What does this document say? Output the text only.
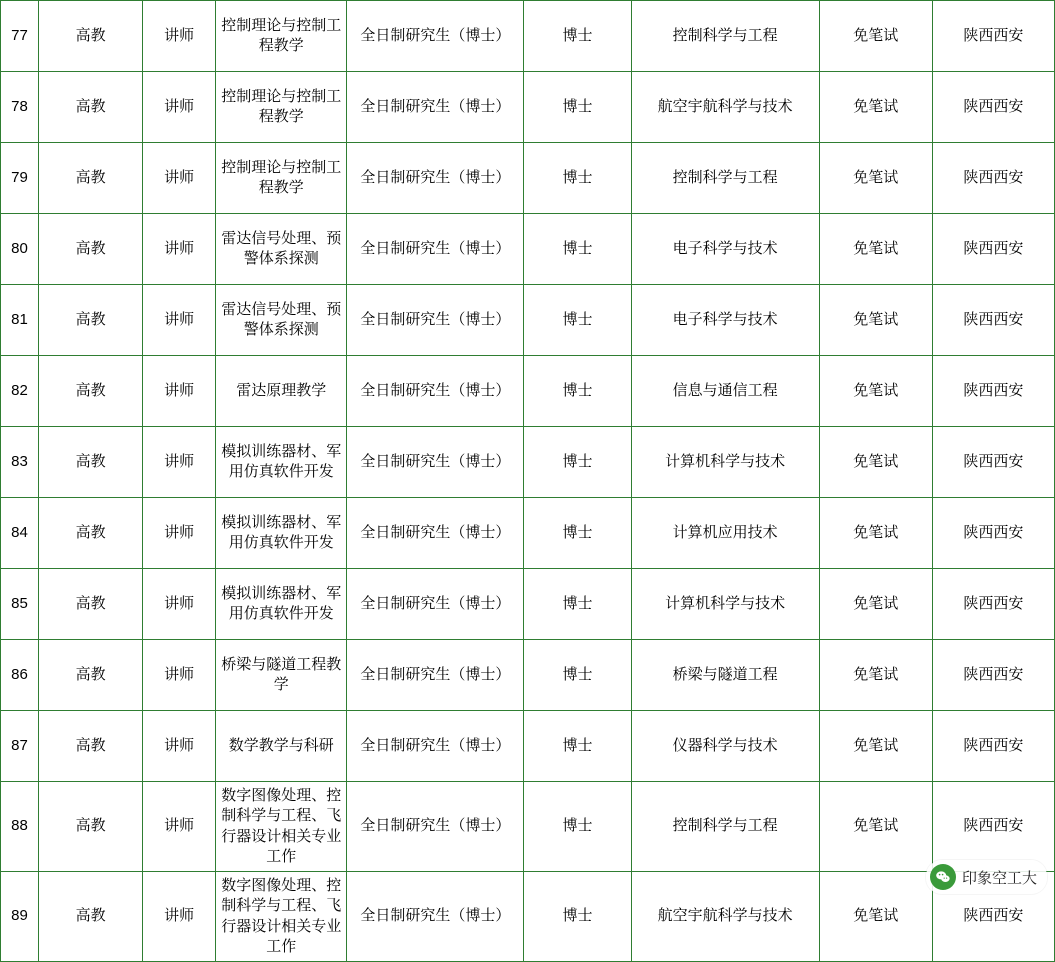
77	高教	讲师	控制理论与控制工程教学	全日制研究生（博士）	博士	控制科学与工程	免笔试	陕西西安
78	高教	讲师	控制理论与控制工程教学	全日制研究生（博士）	博士	航空宇航科学与技术	免笔试	陕西西安
79	高教	讲师	控制理论与控制工程教学	全日制研究生（博士）	博士	控制科学与工程	免笔试	陕西西安
80	高教	讲师	雷达信号处理、预警体系探测	全日制研究生（博士）	博士	电子科学与技术	免笔试	陕西西安
81	高教	讲师	雷达信号处理、预警体系探测	全日制研究生（博士）	博士	电子科学与技术	免笔试	陕西西安
82	高教	讲师	雷达原理教学	全日制研究生（博士）	博士	信息与通信工程	免笔试	陕西西安
83	高教	讲师	模拟训练器材、军用仿真软件开发	全日制研究生（博士）	博士	计算机科学与技术	免笔试	陕西西安
84	高教	讲师	模拟训练器材、军用仿真软件开发	全日制研究生（博士）	博士	计算机应用技术	免笔试	陕西西安
85	高教	讲师	模拟训练器材、军用仿真软件开发	全日制研究生（博士）	博士	计算机科学与技术	免笔试	陕西西安
86	高教	讲师	桥梁与隧道工程教学	全日制研究生（博士）	博士	桥梁与隧道工程	免笔试	陕西西安
87	高教	讲师	数学教学与科研	全日制研究生（博士）	博士	仪器科学与技术	免笔试	陕西西安
88	高教	讲师	数字图像处理、控制科学与工程、飞行器设计相关专业工作	全日制研究生（博士）	博士	控制科学与工程	免笔试	陕西西安
89	高教	讲师	数字图像处理、控制科学与工程、飞行器设计相关专业工作	全日制研究生（博士）	博士	航空宇航科学与技术	免笔试	陕西西安
印象空工大
